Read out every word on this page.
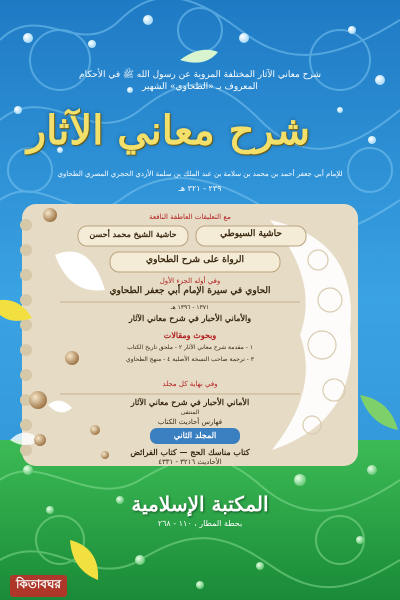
شرح معاني الآثار المختلفة المروية عن رسول الله ﷺ في الأحكام

المعروف بـ «الطحاوي» الشهير

شرح معاني الآثار

للإمام أبي جعفر أحمد بن محمد بن سلامة بن عبد الملك بن سلمة الأزدي الحجري المصري الطحاوي

٢٣٩ - ٣٢١ هـ

مع التعليقات العاطفة النافعة

حاشية السيوطي

حاشية الشيخ محمد أحسن

الرواة على شرح الطحاوي

وفي أوله الجزء الأول

الحاوي في سيرة الإمام أبي جعفر الطحاوي

١٣٧١ - ١٣٩٦ هـ

والأماني الأحبار في شرح معاني الآثار

وبحوث ومقالات

١ - مقدمة شرح معاني الآثار ٢ - ملحق تاريخ الكتاب

٣ - ترجمة صاحب النسخة الأصلية ٤ - منهج الطحاوي

وفي نهاية كل مجلد

الأماني الأحبار في شرح معاني الآثار

المنتقى

فهارس أحاديث الكتاب

المجلد الثاني

كتاب مناسك الحج — كتاب الفرائض

الأحاديث ٣٢١٦ - ٤٣٣١

المكتبة الإسلامية

بحطة المطار ، ١١٠ - ٢٦٨

কিতাবঘর
